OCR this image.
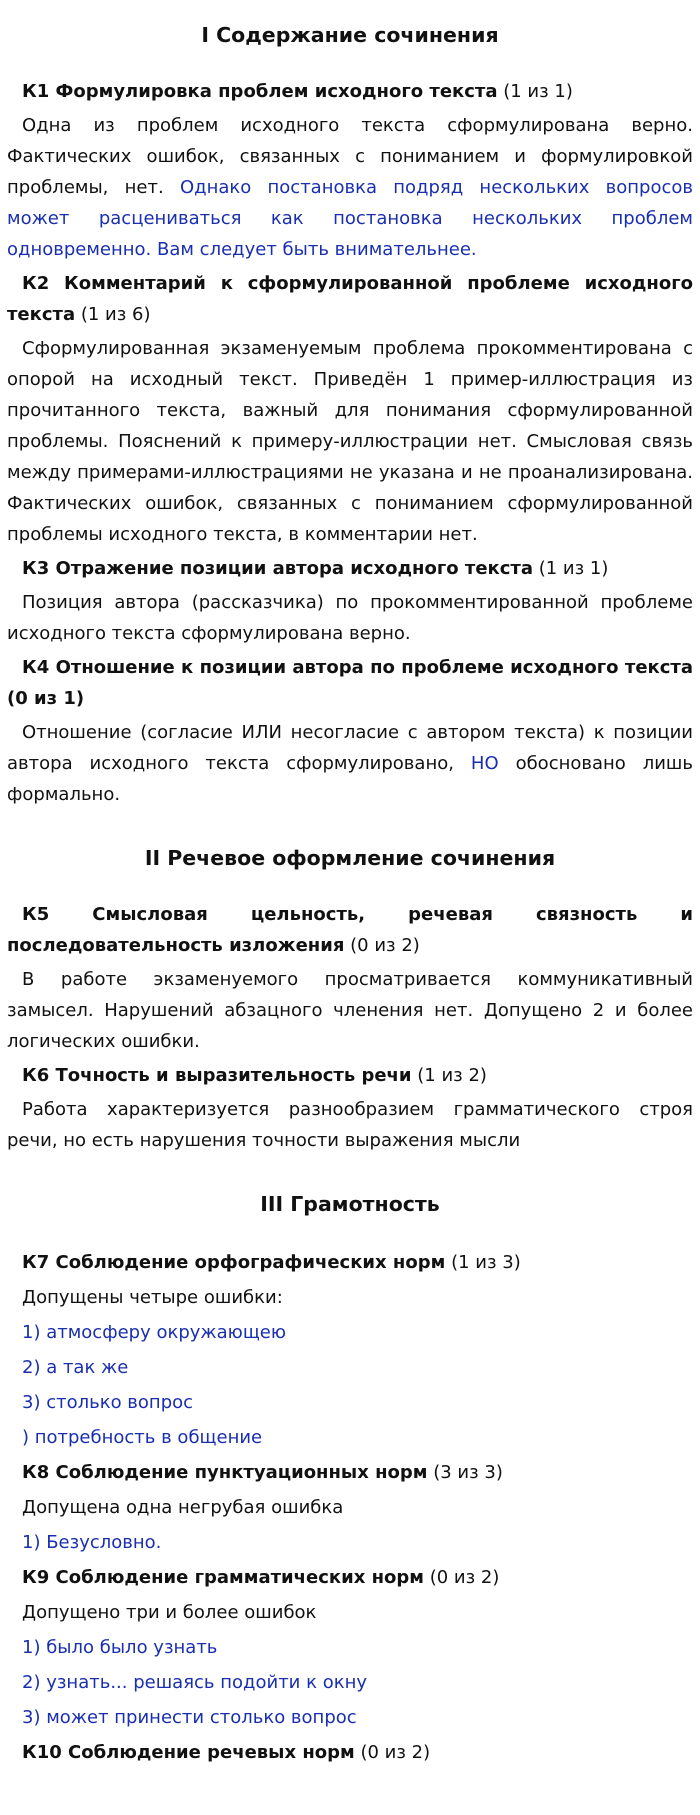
I Содержание сочинения

К1 Формулировка проблем исходного текста (1 из 1)

Одна из проблем исходного текста сформулирована верно. Фактических ошибок, связанных с пониманием и формулировкой проблемы, нет. Однако постановка подряд нескольких вопросов может расцениваться как постановка нескольких проблем одновременно. Вам следует быть внимательнее.

К2 Комментарий к сформулированной проблеме исходного текста (1 из 6)

Сформулированная экзаменуемым проблема прокомментирована с опорой на исходный текст. Приведён 1 пример-иллюстрация из прочитанного текста, важный для понимания сформулированной проблемы. Пояснений к примеру-иллюстрации нет. Смысловая связь между примерами-иллюстрациями не указана и не проанализирована. Фактических ошибок, связанных с пониманием сформулированной проблемы исходного текста, в комментарии нет.

К3 Отражение позиции автора исходного текста (1 из 1)

Позиция автора (рассказчика) по прокомментированной проблеме исходного текста сформулирована верно.

К4 Отношение к позиции автора по проблеме исходного текста (0 из 1)

Отношение (согласие ИЛИ несогласие с автором текста) к позиции автора исходного текста сформулировано, НО обосновано лишь формально.

II Речевое оформление сочинения

К5 Смысловая цельность, речевая связность и последовательность изложения (0 из 2)

В работе экзаменуемого просматривается коммуникативный замысел. Нарушений абзацного членения нет. Допущено 2 и более логических ошибки.

К6 Точность и выразительность речи (1 из 2)

Работа характеризуется разнообразием грамматического строя речи, но есть нарушения точности выражения мысли

III Грамотность

К7 Соблюдение орфографических норм (1 из 3)

Допущены четыре ошибки:

1) атмосферу окружающею

2) а так же

3) столько вопрос

) потребность в общение

К8 Соблюдение пунктуационных норм (3 из 3)

Допущена одна негрубая ошибка

1) Безусловно.

К9 Соблюдение грамматических норм (0 из 2)

Допущено три и более ошибок

1) было было узнать

2) узнать... решаясь подойти к окну

3) может принести столько вопрос

К10 Соблюдение речевых норм (0 из 2)
